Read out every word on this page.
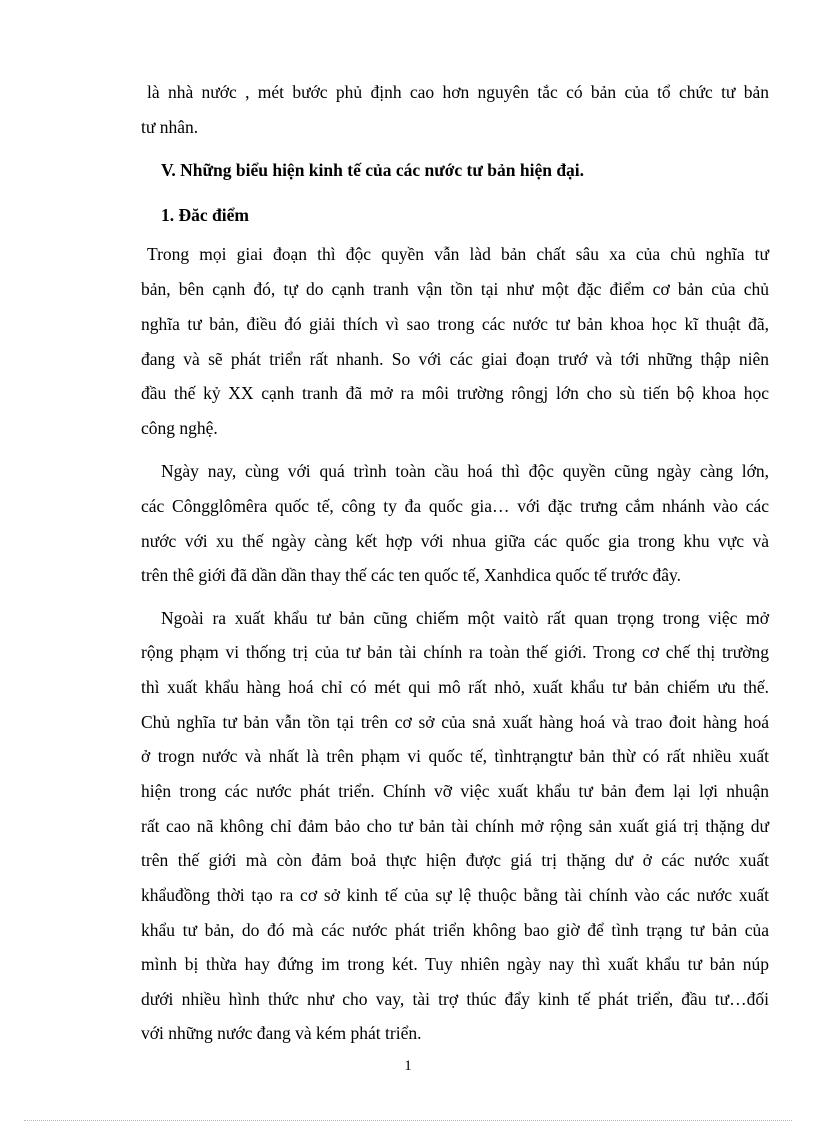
là nhà nước , mét bước phủ định cao hơn nguyên tắc có bản của tổ chức tư bản
tư nhân.
V. Những biểu hiện kinh tế của các nước tư bản hiện đại.
1. Đăc điểm
Trong mọi giai đoạn thì độc quyền vẫn làd bản chất sâu xa của chủ nghĩa tư
bản, bên cạnh đó, tự do cạnh tranh vận tồn tại như một đặc điểm cơ bản của chủ
nghĩa tư bản, điều đó giải thích vì sao trong các nước tư bản khoa học kĩ thuật đã,
đang và sẽ phát triển rất nhanh. So với các giai đoạn trướ và tới những thập niên
đầu thế kỷ XX cạnh tranh đã mở ra môi trường rôngj lớn cho sù tiến bộ khoa học
công nghệ.
Ngày nay, cùng với quá trình toàn cầu hoá thì độc quyền cũng ngày càng lớn,
các Côngglômêra quốc tế, công ty đa quốc gia… với đặc trưng cắm nhánh vào các
nước với xu thế ngày càng kết hợp với nhua giữa các quốc gia trong khu vực và
trên thê giới đã dần dần thay thế các ten quốc tế, Xanhdica quốc tế trước đây.
Ngoài ra xuất khẩu tư bản cũng chiếm một vaitò rất quan trọng trong việc mở
rộng phạm vi thống trị của tư bản tài chính ra toàn thế giới. Trong cơ chế thị trường
thì xuất khẩu hàng hoá chỉ có mét qui mô rất nhỏ, xuất khẩu tư bản chiếm ưu thế.
Chủ nghĩa tư bản vẫn tồn tại trên cơ sở của snả xuất hàng hoá và trao đoit hàng hoá
ở trogn nước và nhất là trên phạm vi quốc tế, tìnhtrạngtư bản thừ có rất nhiều xuất
hiện trong các nước phát triển. Chính vỡ việc xuất khẩu tư bản đem lại lợi nhuận
rất cao nã không chỉ đảm bảo cho tư bản tài chính mở rộng sản xuất giá trị thặng dư
trên thế giới mà còn đảm boả thực hiện được giá trị thặng dư ở các nước xuất
khẩuđồng thời tạo ra cơ sở kinh tế của sự lệ thuộc bằng tài chính vào các nước xuất
khẩu tư bản, do đó mà các nước phát triển không bao giờ để tình trạng tư bản của
mình bị thừa hay đứng im trong két. Tuy nhiên ngày nay thì xuất khẩu tư bản núp
dưới nhiều hình thức như cho vay, tài trợ thúc đẩy kinh tế phát triển, đầu tư…đối
với những nước đang và kém phát triển.
1
